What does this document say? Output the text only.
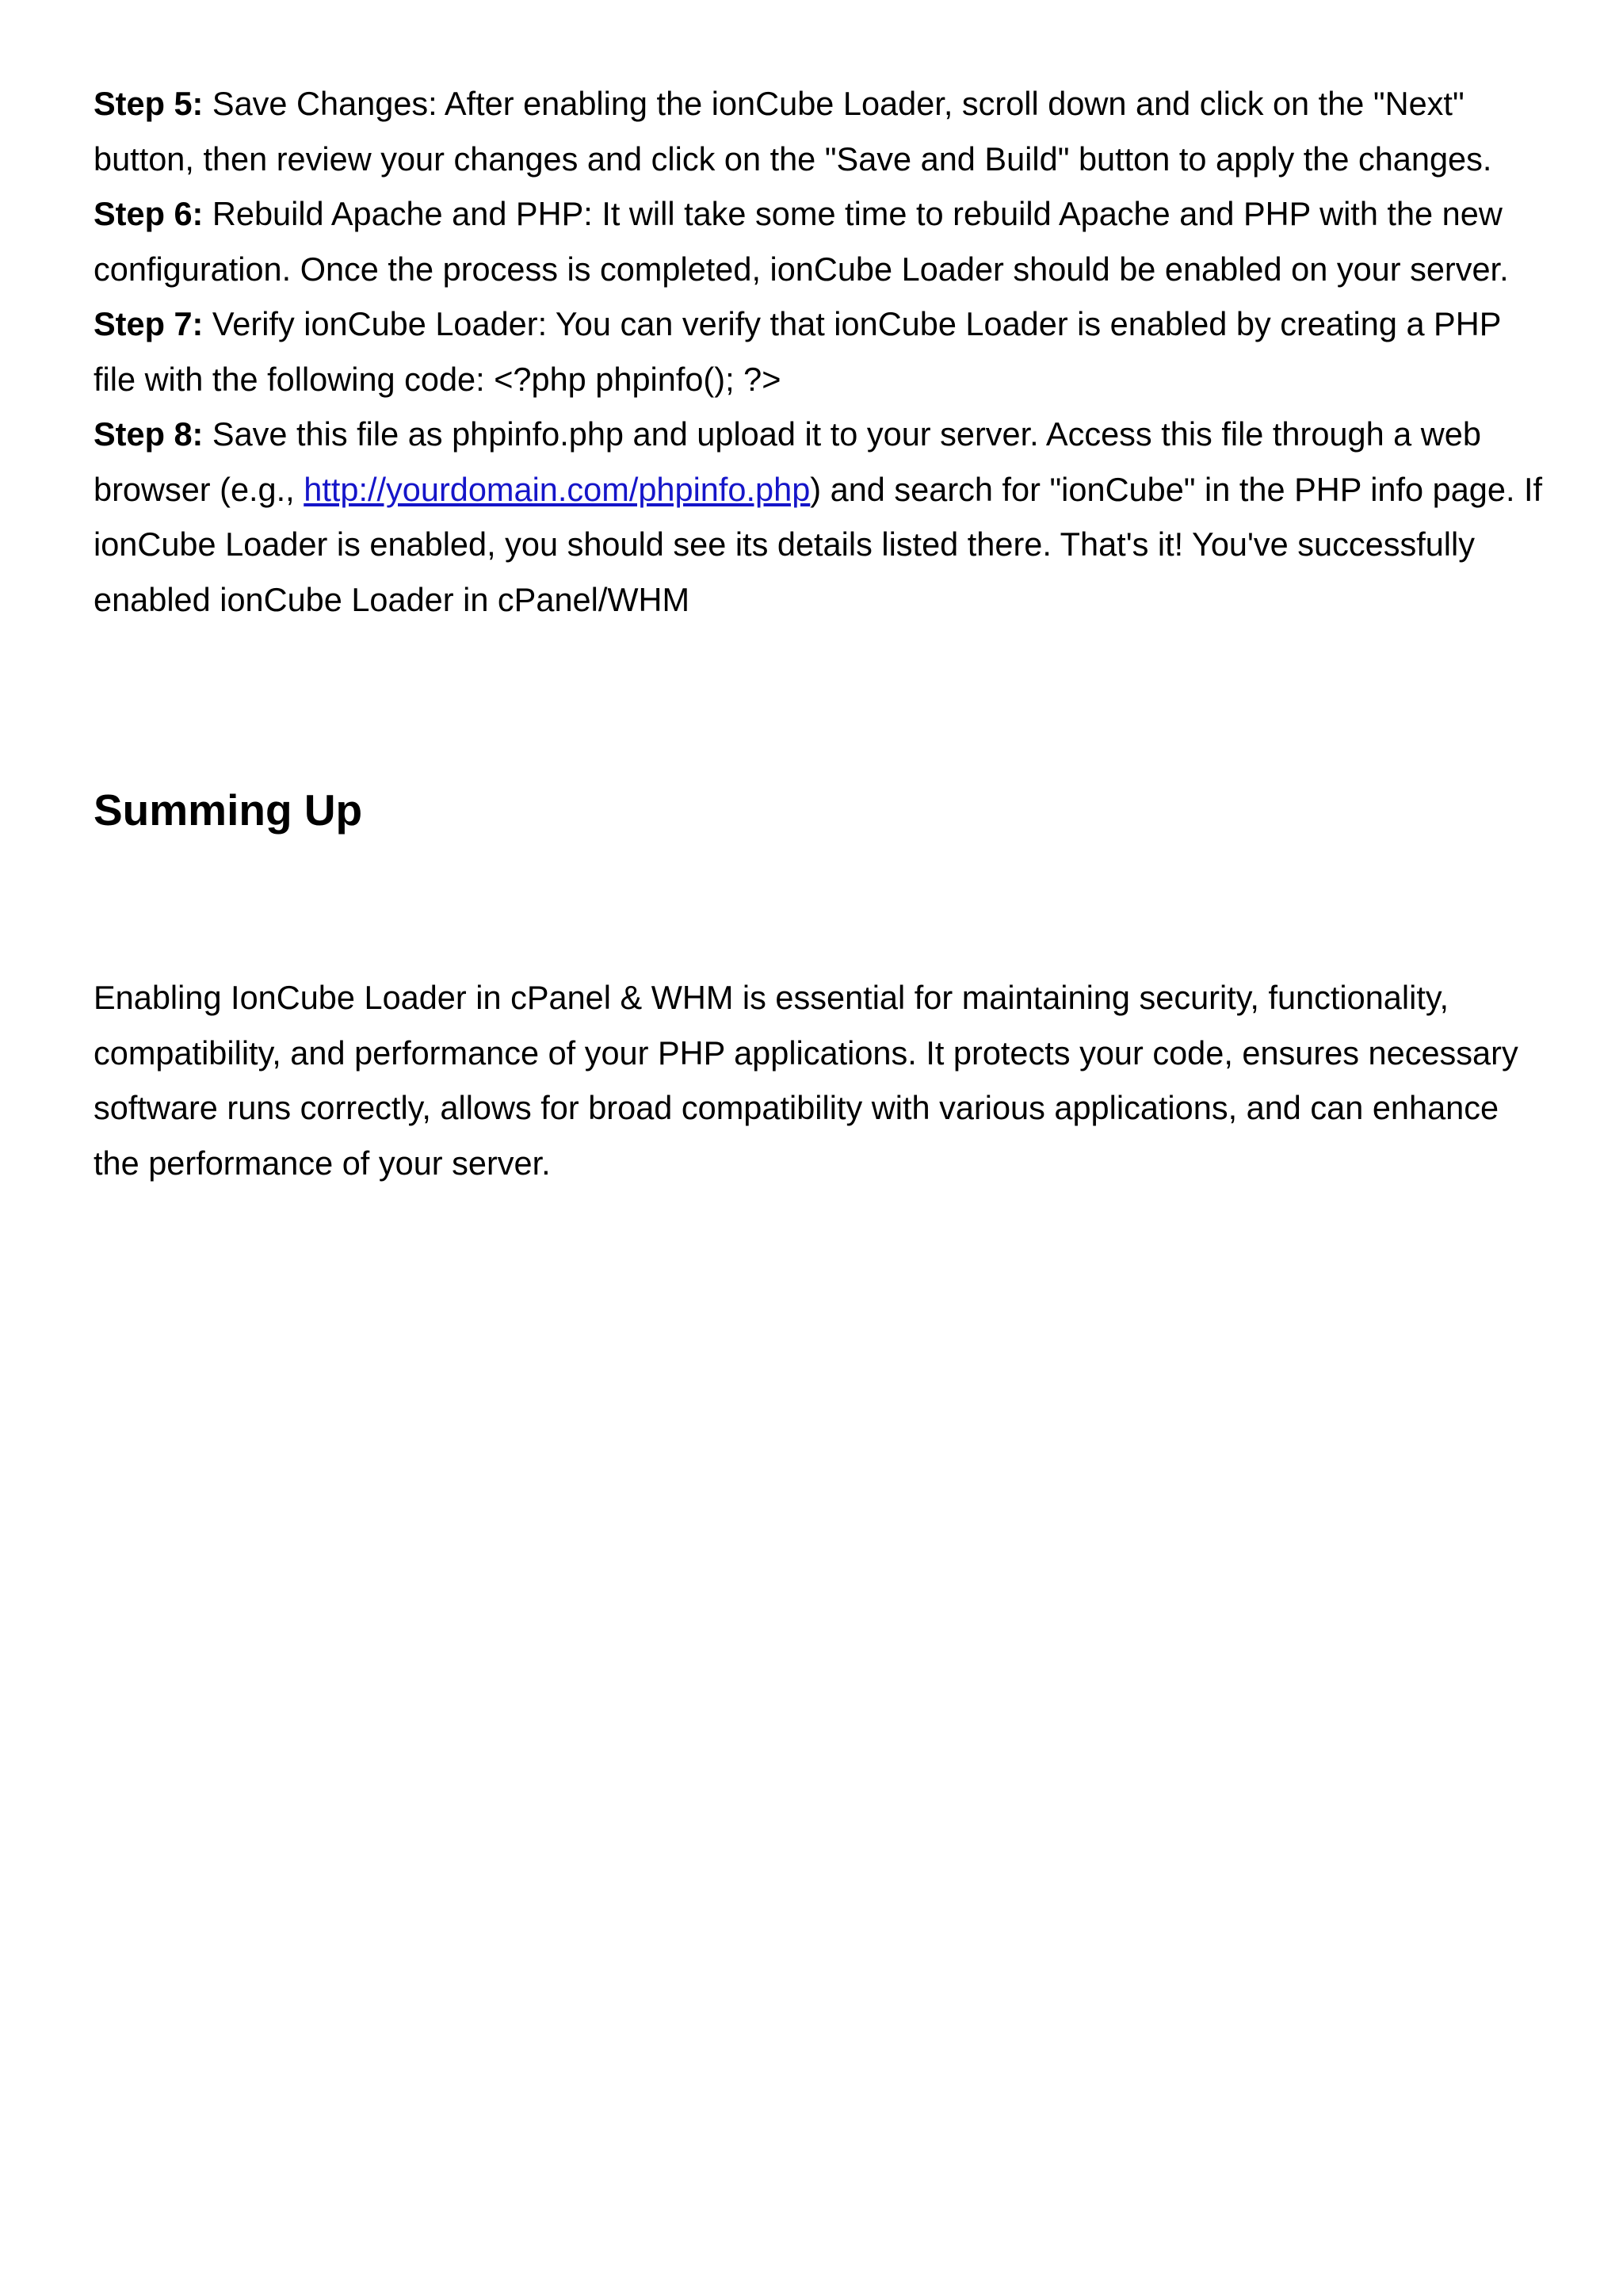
Step 5: Save Changes: After enabling the ionCube Loader, scroll down and click on the "Next" button, then review your changes and click on the "Save and Build" button to apply the changes.

Step 6: Rebuild Apache and PHP: It will take some time to rebuild Apache and PHP with the new configuration. Once the process is completed, ionCube Loader should be enabled on your server.

Step 7: Verify ionCube Loader: You can verify that ionCube Loader is enabled by creating a PHP file with the following code: <?php phpinfo(); ?>

Step 8: Save this file as phpinfo.php and upload it to your server. Access this file through a web browser (e.g., http://yourdomain.com/phpinfo.php) and search for "ionCube" in the PHP info page. If ionCube Loader is enabled, you should see its details listed there. That's it! You've successfully enabled ionCube Loader in cPanel/WHM

Summing Up

Enabling IonCube Loader in cPanel & WHM is essential for maintaining security, functionality, compatibility, and performance of your PHP applications. It protects your code, ensures necessary software runs correctly, allows for broad compatibility with various applications, and can enhance the performance of your server.
